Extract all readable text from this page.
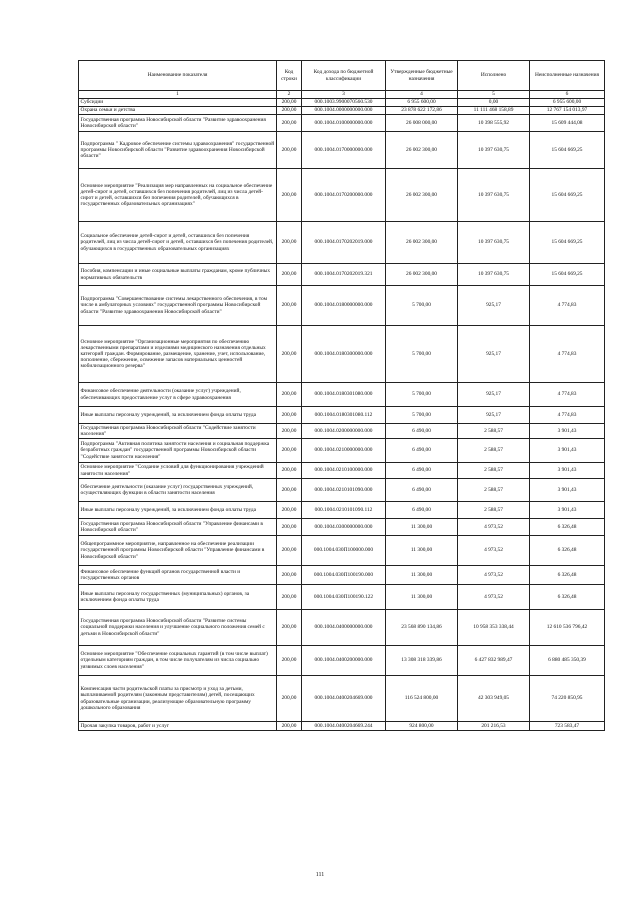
Наименование показателя	Код строки	Код дохода по бюджетной классификации	Утвержденные бюджетные назначения	Исполнено	Неисполненные назначения
1	2	3	4	5	6
Субсидии	200,00	000.1003.9900070560.530	6 955 600,00	0,00	6 955 600,00
Охрана семьи и детства	200,00	000.1004.0000000000.000	23 878 622 172,86	11 111 468 158,89	12 767 154 013,97
Государственная программа Новосибирской области "Развитие здравоохранения Новосибирской области"	200,00	000.1004.0100000000.000	26 008 000,00	10 398 555,92	15 609 444,08
Подпрограмма " Кадровое обеспечение системы здравоохранения" государственной программы Новосибирской области "Развитие здравоохранения Новосибирской области"	200,00	000.1004.0170000000.000	26 002 300,00	10 397 630,75	15 604 669,25
Основное мероприятие "Реализация мер направленных на социальное обеспечение детей-сирот и детей, оставшихся без попечения родителей, лиц из числа детей-сирот и детей, оставшихся без попечения родителей, обучающихся в государственных образовательных организациях"	200,00	000.1004.0170200000.000	26 002 300,00	10 397 630,75	15 604 669,25
Социальное обеспечение детей-сирот и детей, оставшихся без попечения родителей, лиц из числа детей-сирот и детей, оставшихся без попечения родителей, обучающихся в государственных образовательных организациях	200,00	000.1004.0170202019.000	26 002 300,00	10 397 630,75	15 604 669,25
Пособия, компенсации и иные социальные выплаты гражданам, кроме публичных нормативных обязательств	200,00	000.1004.0170202019.321	26 002 300,00	10 397 630,75	15 604 669,25
Подпрограмма "Совершенствование системы лекарственного обеспечения, в том числе в амбулаторных условиях" государственной программы Новосибирской области "Развитие здравоохранения Новосибирской области"	200,00	000.1004.0180000000.000	5 700,00	925,17	4 774,83
Основное мероприятие "Организационные мероприятия по обеспечению лекарственными препаратами и изделиями медицинского назначения отдельных категорий граждан. Формирование, размещение, хранение, учет, использование, пополнение, сбережение, освежение запасов материальных ценностей мобилизационного резерва"	200,00	000.1004.0180300000.000	5 700,00	925,17	4 774,83
Финансовое обеспечение деятельности (оказание услуг) учреждений, обеспечивающих предоставление услуг в сфере здравоохранения	200,00	000.1004.0180301080.000	5 700,00	925,17	4 774,83
Иные выплаты персоналу учреждений, за исключением фонда оплаты труда	200,00	000.1004.0180301080.112	5 700,00	925,17	4 774,83
Государственная программа Новосибирской области "Содействие занятости населения"	200,00	000.1004.0200000000.000	6 490,00	2 588,57	3 901,43
Подпрограмма "Активная политика занятости населения и социальная поддержка безработных граждан" государственной программы Новосибирской области "Содействие занятости населения"	200,00	000.1004.0210000000.000	6 490,00	2 588,57	3 901,43
Основное мероприятие "Создание условий для функционирования учреждений занятости населения"	200,00	000.1004.0210100000.000	6 490,00	2 588,57	3 901,43
Обеспечение деятельности (оказание услуг) государственных учреждений, осуществляющих функции в области занятости населения	200,00	000.1004.0210101090.000	6 490,00	2 588,57	3 901,43
Иные выплаты персоналу учреждений, за исключением фонда оплаты труда	200,00	000.1004.0210101090.112	6 490,00	2 588,57	3 901,43
Государственная программа Новосибирской области "Управление финансами в Новосибирской области"	200,00	000.1004.0300000000.000	11 300,00	4 973,52	6 326,48
Общепрограммное мероприятие, направленное на обеспечение реализации государственной программы Новосибирской области "Управление финансами в Новосибирской области"	200,00	000.1004.030П100000.000	11 300,00	4 973,52	6 326,48
Финансовое обеспечение функций органов государственной власти и государственных органов	200,00	000.1004.030П100190.000	11 300,00	4 973,52	6 326,48
Иные выплаты персоналу государственных (муниципальных) органов, за исключением фонда оплаты труда	200,00	000.1004.030П100190.122	11 300,00	4 973,52	6 326,48
Государственная программа Новосибирской области "Развитие системы социальной поддержки населения и улучшение социального положения семей с детьми в Новосибирской области"	200,00	000.1004.0400000000.000	23 568 890 134,86	10 958 353 338,44	12 610 536 796,42
Основное мероприятие "Обеспечение социальных гарантий (в том числе выплат) отдельным категориям граждан, в том числе получателям из числа социально уязвимых слоев населения"	200,00	000.1004.0400200000.000	13 308 318 339,86	6 427 832 989,47	6 880 485 350,39
Компенсация части родительской платы за присмотр и уход за детьми, выплачиваемой родителям (законным представителям) детей, посещающих образовательные организации, реализующие образовательную программу дошкольного образования	200,00	000.1004.0400204669.000	116 524 800,00	42 303 949,05	74 220 850,95
Прочая закупка товаров, работ и услуг	200,00	000.1004.0400204669.244	924 800,00	201 216,53	723 583,47
111
